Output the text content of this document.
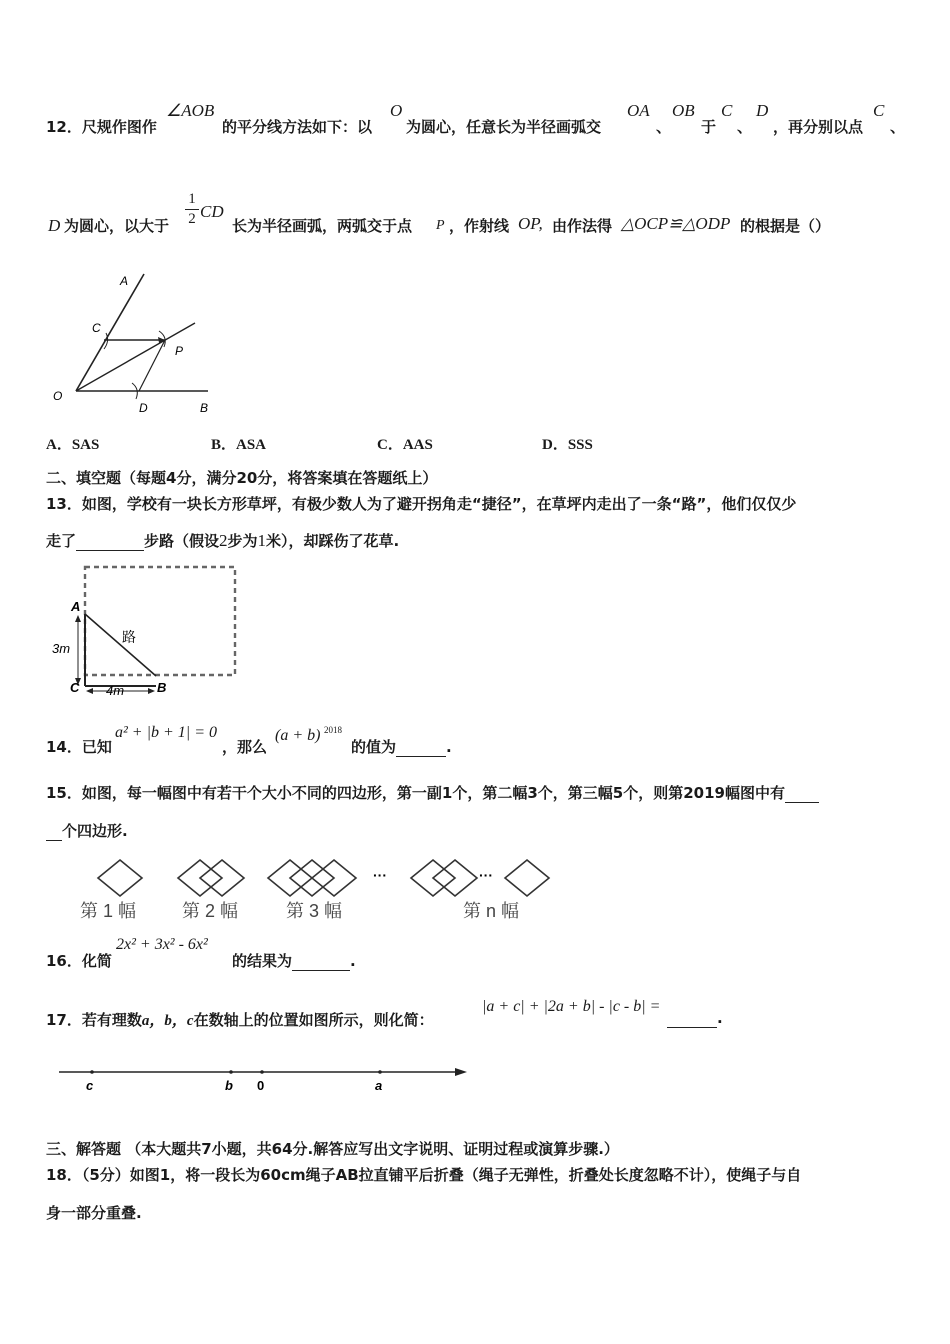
12．尺规作图作
∠AOB
的平分线方法如下：以
O
为圆心，任意长为半径画弧交
OA
、
OB
于
C
、
D
，再分别以点
C
、
D 为圆心，以大于
1
2 CD
长为半径画弧，两弧交于点 P ，作射线 OP, 由作法得 △OCP≌△ODP 的根据是（）
A
C
P
O
D	B
A．SAS	B．ASA	C．AAS	D．SSS
二、填空题（每题4分，满分20分，将答案填在答题纸上）
13．如图，学校有一块长方形草坪，有极少数人为了避开拐角走“捷径”，在草坪内走出了一条“路”，他们仅仅少
走了	步路（假设2步为1米），却踩伤了花草.
A
C	B
路
3m
4m
14．已知
a² + |b + 1| = 0
，那么
(a + b) 2018
的值为	.
15．如图，每一幅图中有若干个大小不同的四边形，第一副1个，第二幅3个，第三幅5个，则第2019幅图中有
个四边形.
···	···
第 1 幅	第 2 幅	第 3 幅	第 n 幅
16．化简
2x² + 3x² - 6x²
的结果为	.
17．若有理数a，b，c在数轴上的位置如图所示，则化简：
|a + c| + |2a + b| - |c - b| =
.
c	b 0	a
三、解答题 （本大题共7小题，共64分.解答应写出文字说明、证明过程或演算步骤.）
18．（5分）如图1，将一段长为60cm绳子AB拉直铺平后折叠（绳子无弹性，折叠处长度忽略不计），使绳子与自
身一部分重叠.
